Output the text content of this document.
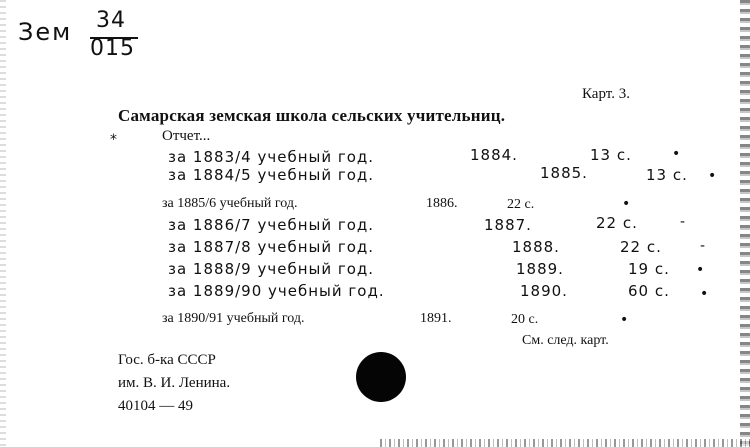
Зем 34
015
Карт. 3.
Самарская земская школа сельских учительниц.
*	Отчет...
за 1883/4 учебный год.	1884.	13 с.	•
за 1884/5 учебный год.	1885.	13 с. •
за 1885/6 учебный год.	1886.	22 с.	•
за 1886/7 учебный год.	1887.	22 с.	-
за 1887/8 учебный год.	1888.	22 с.	-
за 1888/9 учебный год.	1889.	19 с. •
за 1889/90 учебный год.	1890.	60 с. •
за 1890/91 учебный год.	1891.	20 с.	•
См. след. карт.
Гос. б-ка СССР
им. В. И. Ленина.
40104 — 49
